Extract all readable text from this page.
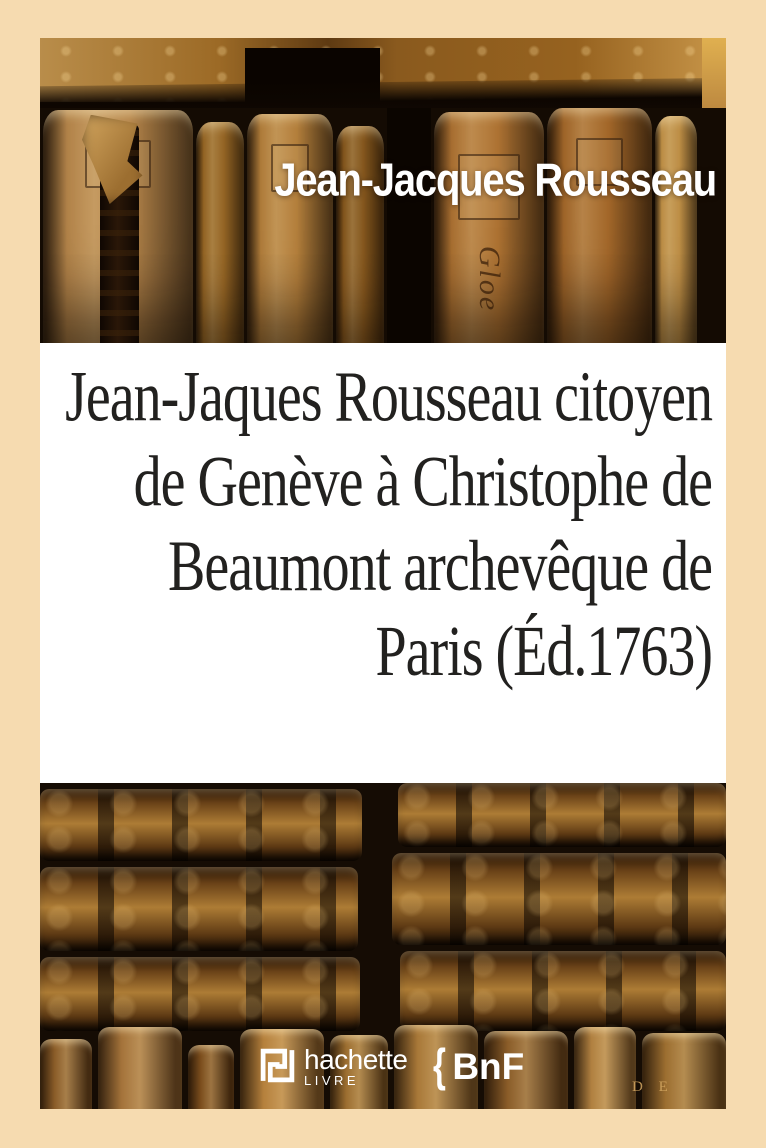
Gloe
Jean-Jacques Rousseau
Jean-Jaques Rousseau citoyen
de Genève à Christophe de
Beaumont archevêque de
Paris (Éd.1763)
D E
hachette
LIVRE	{ BnF
